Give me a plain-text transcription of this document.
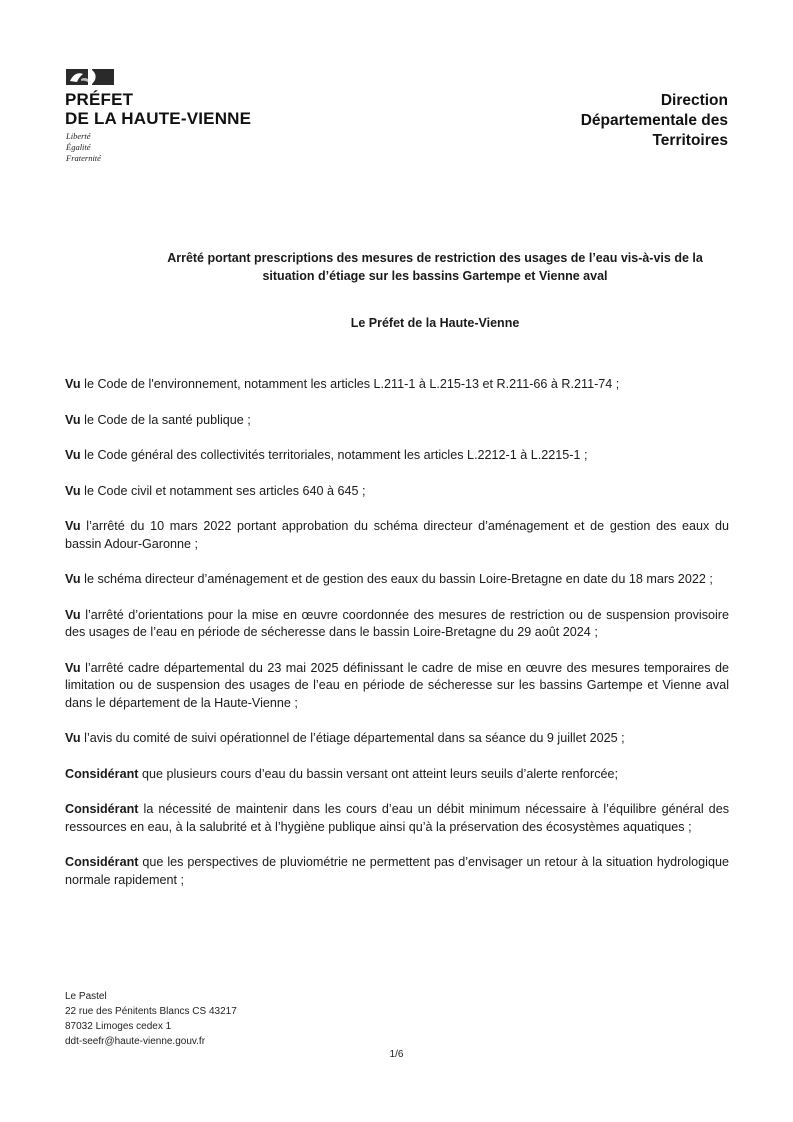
PRÉFET
DE LA HAUTE-VIENNE
Liberté
Égalité
Fraternité
Direction
Départementale des
Territoires
Arrêté portant prescriptions des mesures de restriction des usages de l’eau vis-à-vis de la
situation d’étiage sur les bassins Gartempe et Vienne aval
Le Préfet de la Haute-Vienne

Vu le Code de l'environnement, notamment les articles L.211-1 à L.215-13 et R.211-66 à R.211-74 ;

Vu le Code de la santé publique ;

Vu le Code général des collectivités territoriales, notamment les articles L.2212-1 à L.2215-1 ;

Vu le Code civil et notamment ses articles 640 à 645 ;

Vu l’arrêté du 10 mars 2022 portant approbation du schéma directeur d’aménagement et de gestion des eaux du bassin Adour-Garonne ;

Vu le schéma directeur d’aménagement et de gestion des eaux du bassin Loire-Bretagne en date du 18 mars 2022 ;

Vu l’arrêté d’orientations pour la mise en œuvre coordonnée des mesures de restriction ou de suspension provisoire des usages de l’eau en période de sécheresse dans le bassin Loire-Bretagne du 29 août 2024 ;

Vu l’arrêté cadre départemental du 23 mai 2025 définissant le cadre de mise en œuvre des mesures temporaires de limitation ou de suspension des usages de l’eau en période de sécheresse sur les bassins Gartempe et Vienne aval dans le département de la Haute-Vienne ;

Vu l’avis du comité de suivi opérationnel de l’étiage départemental dans sa séance du 9 juillet 2025 ;

Considérant que plusieurs cours d’eau du bassin versant ont atteint leurs seuils d’alerte renforcée;

Considérant la nécessité de maintenir dans les cours d’eau un débit minimum nécessaire à l’équilibre général des ressources en eau, à la salubrité et à l’hygiène publique ainsi qu’à la préservation des écosystèmes aquatiques ;

Considérant que les perspectives de pluviométrie ne permettent pas d’envisager un retour à la situation hydrologique normale rapidement ;

Le Pastel
22 rue des Pénitents Blancs CS 43217
87032 Limoges cedex 1
ddt-seefr@haute-vienne.gouv.fr
1/6
